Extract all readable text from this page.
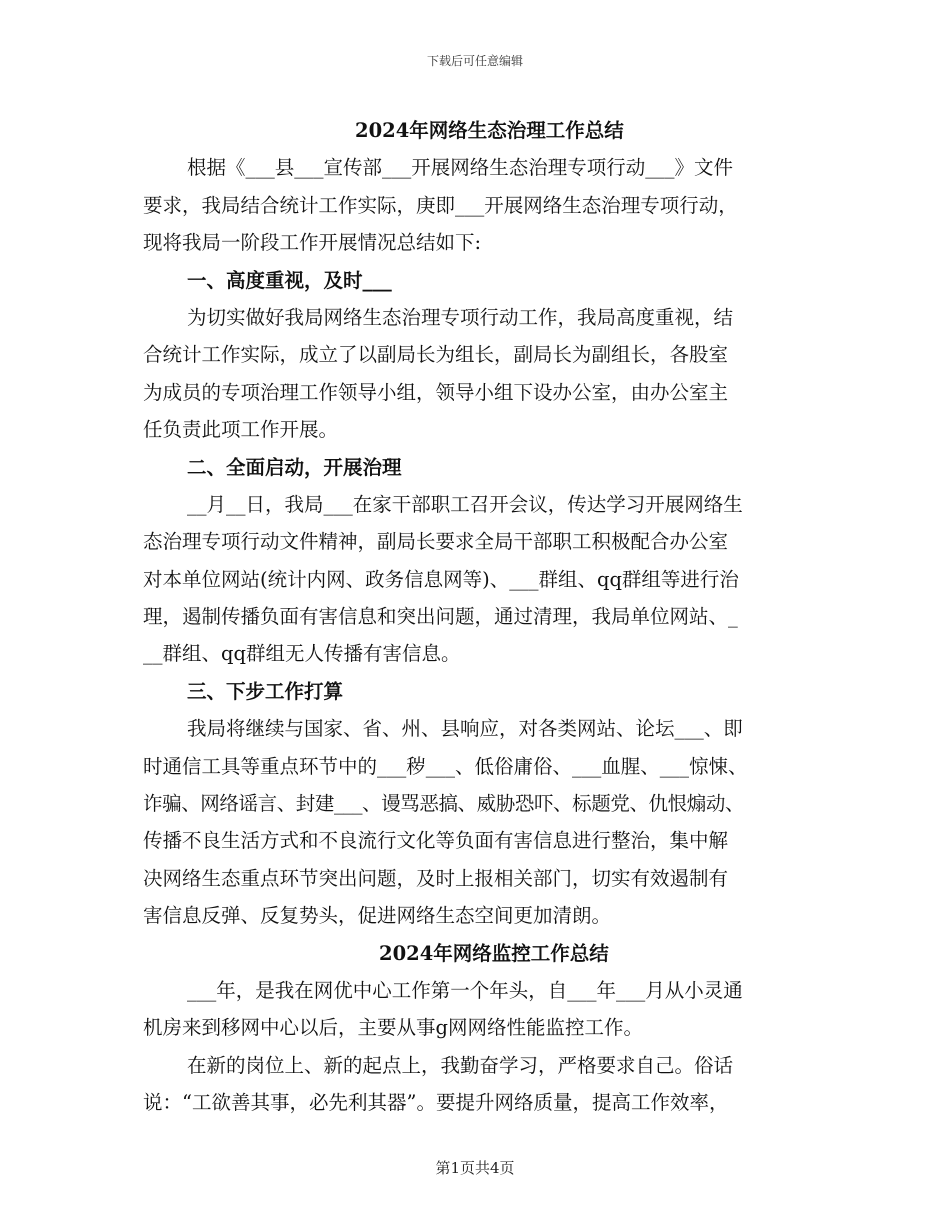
下载后可任意编辑
2024年网络生态治理工作总结
根据《___县___宣传部___开展网络生态治理专项行动___》文件
要求，我局结合统计工作实际，庚即___开展网络生态治理专项行动，
现将我局一阶段工作开展情况总结如下:
一、高度重视，及时___
为切实做好我局网络生态治理专项行动工作，我局高度重视，结
合统计工作实际，成立了以副局长为组长，副局长为副组长，各股室
为成员的专项治理工作领导小组，领导小组下设办公室，由办公室主
任负责此项工作开展。
二、全面启动，开展治理
__月__日，我局___在家干部职工召开会议，传达学习开展网络生
态治理专项行动文件精神，副局长要求全局干部职工积极配合办公室
对本单位网站(统计内网、政务信息网等)、___群组、qq群组等进行治
理，遏制传播负面有害信息和突出问题，通过清理，我局单位网站、_
__群组、qq群组无人传播有害信息。
三、下步工作打算
我局将继续与国家、省、州、县响应，对各类网站、论坛___、即
时通信工具等重点环节中的___秽___、低俗庸俗、___血腥、___惊悚、
诈骗、网络谣言、封建___、谩骂恶搞、威胁恐吓、标题党、仇恨煽动、
传播不良生活方式和不良流行文化等负面有害信息进行整治，集中解
决网络生态重点环节突出问题，及时上报相关部门，切实有效遏制有
害信息反弹、反复势头，促进网络生态空间更加清朗。
2024年网络监控工作总结
___年，是我在网优中心工作第一个年头，自___年___月从小灵通
机房来到移网中心以后，主要从事g网网络性能监控工作。
在新的岗位上、新的起点上，我勤奋学习，严格要求自己。俗话
说：“工欲善其事，必先利其器”。要提升网络质量，提高工作效率，
第1页共4页
